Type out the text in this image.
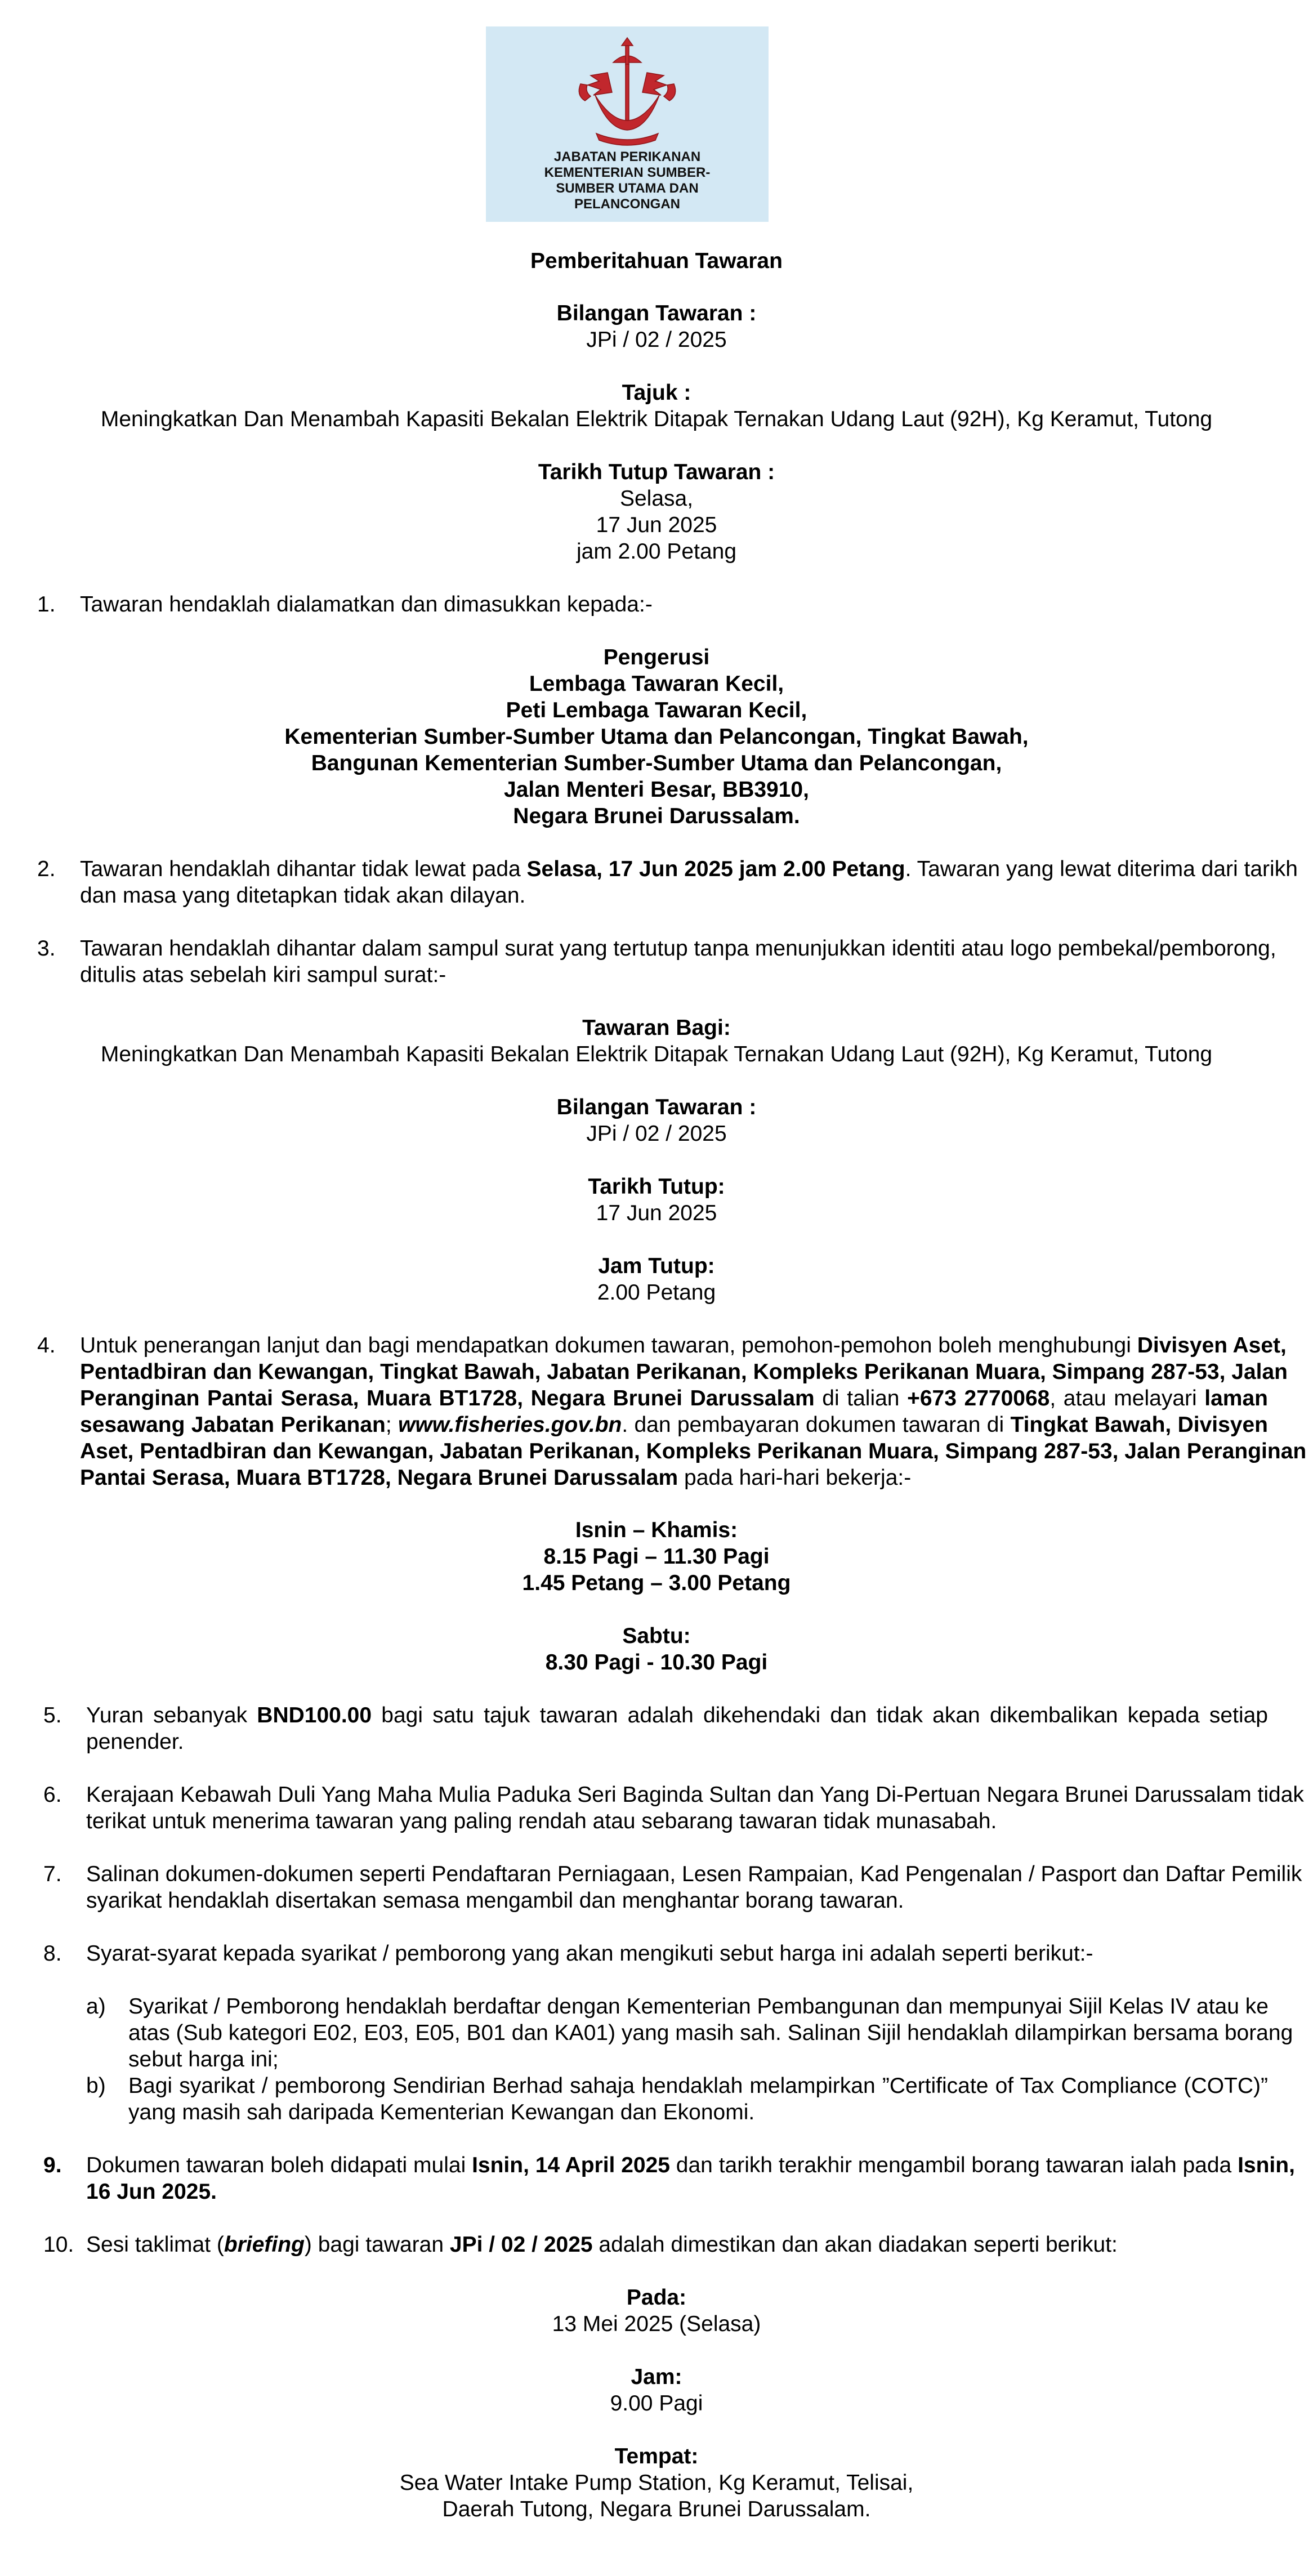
JABATAN PERIKANAN
KEMENTERIAN SUMBER-
SUMBER UTAMA DAN
PELANCONGAN
Pemberitahuan Tawaran
Bilangan Tawaran :
JPi / 02 / 2025
Tajuk :
Meningkatkan Dan Menambah Kapasiti Bekalan Elektrik Ditapak Ternakan Udang Laut (92H), Kg Keramut, Tutong
Tarikh Tutup Tawaran :
Selasa,
17 Jun 2025
jam 2.00 Petang
1.	Tawaran hendaklah dialamatkan dan dimasukkan kepada:-
Pengerusi
Lembaga Tawaran Kecil,
Peti Lembaga Tawaran Kecil,
Kementerian Sumber-Sumber Utama dan Pelancongan, Tingkat Bawah,
Bangunan Kementerian Sumber-Sumber Utama dan Pelancongan,
Jalan Menteri Besar, BB3910,
Negara Brunei Darussalam.
2.	Tawaran hendaklah dihantar tidak lewat pada Selasa, 17 Jun 2025 jam 2.00 Petang. Tawaran yang lewat diterima dari tarikh
dan masa yang ditetapkan tidak akan dilayan.
3.	Tawaran hendaklah dihantar dalam sampul surat yang tertutup tanpa menunjukkan identiti atau logo pembekal/pemborong,
ditulis atas sebelah kiri sampul surat:-
Tawaran Bagi:
Meningkatkan Dan Menambah Kapasiti Bekalan Elektrik Ditapak Ternakan Udang Laut (92H), Kg Keramut, Tutong
Bilangan Tawaran :
JPi / 02 / 2025
Tarikh Tutup:
17 Jun 2025
Jam Tutup:
2.00 Petang
4.	Untuk penerangan lanjut dan bagi mendapatkan dokumen tawaran, pemohon-pemohon boleh menghubungi Divisyen Aset,
Pentadbiran dan Kewangan, Tingkat Bawah, Jabatan Perikanan, Kompleks Perikanan Muara, Simpang 287-53, Jalan
Peranginan Pantai Serasa, Muara BT1728, Negara Brunei Darussalam di talian +673 2770068, atau melayari laman
sesawang Jabatan Perikanan; www.fisheries.gov.bn. dan pembayaran dokumen tawaran di Tingkat Bawah, Divisyen
Aset, Pentadbiran dan Kewangan, Jabatan Perikanan, Kompleks Perikanan Muara, Simpang 287-53, Jalan Peranginan
Pantai Serasa, Muara BT1728, Negara Brunei Darussalam pada hari-hari bekerja:-
Isnin – Khamis:
8.15 Pagi – 11.30 Pagi
1.45 Petang – 3.00 Petang
Sabtu:
8.30 Pagi - 10.30 Pagi
5.	Yuran sebanyak BND100.00 bagi satu tajuk tawaran adalah dikehendaki dan tidak akan dikembalikan kepada setiap
penender.
6.	Kerajaan Kebawah Duli Yang Maha Mulia Paduka Seri Baginda Sultan dan Yang Di-Pertuan Negara Brunei Darussalam tidak
terikat untuk menerima tawaran yang paling rendah atau sebarang tawaran tidak munasabah.
7.	Salinan dokumen-dokumen seperti Pendaftaran Perniagaan, Lesen Rampaian, Kad Pengenalan / Pasport dan Daftar Pemilik
syarikat hendaklah disertakan semasa mengambil dan menghantar borang tawaran.
8.	Syarat-syarat kepada syarikat / pemborong yang akan mengikuti sebut harga ini adalah seperti berikut:-
a)	Syarikat / Pemborong hendaklah berdaftar dengan Kementerian Pembangunan dan mempunyai Sijil Kelas IV atau ke
atas (Sub kategori E02, E03, E05, B01 dan KA01) yang masih sah. Salinan Sijil hendaklah dilampirkan bersama borang
sebut harga ini;
b)	Bagi syarikat / pemborong Sendirian Berhad sahaja hendaklah melampirkan ”Certificate of Tax Compliance (COTC)”
yang masih sah daripada Kementerian Kewangan dan Ekonomi.
9.	Dokumen tawaran boleh didapati mulai Isnin, 14 April 2025 dan tarikh terakhir mengambil borang tawaran ialah pada Isnin,
16 Jun 2025.
10. Sesi taklimat (briefing) bagi tawaran JPi / 02 / 2025 adalah dimestikan dan akan diadakan seperti berikut:
Pada:
13 Mei 2025 (Selasa)
Jam:
9.00 Pagi
Tempat:
Sea Water Intake Pump Station, Kg Keramut, Telisai,
Daerah Tutong, Negara Brunei Darussalam.
